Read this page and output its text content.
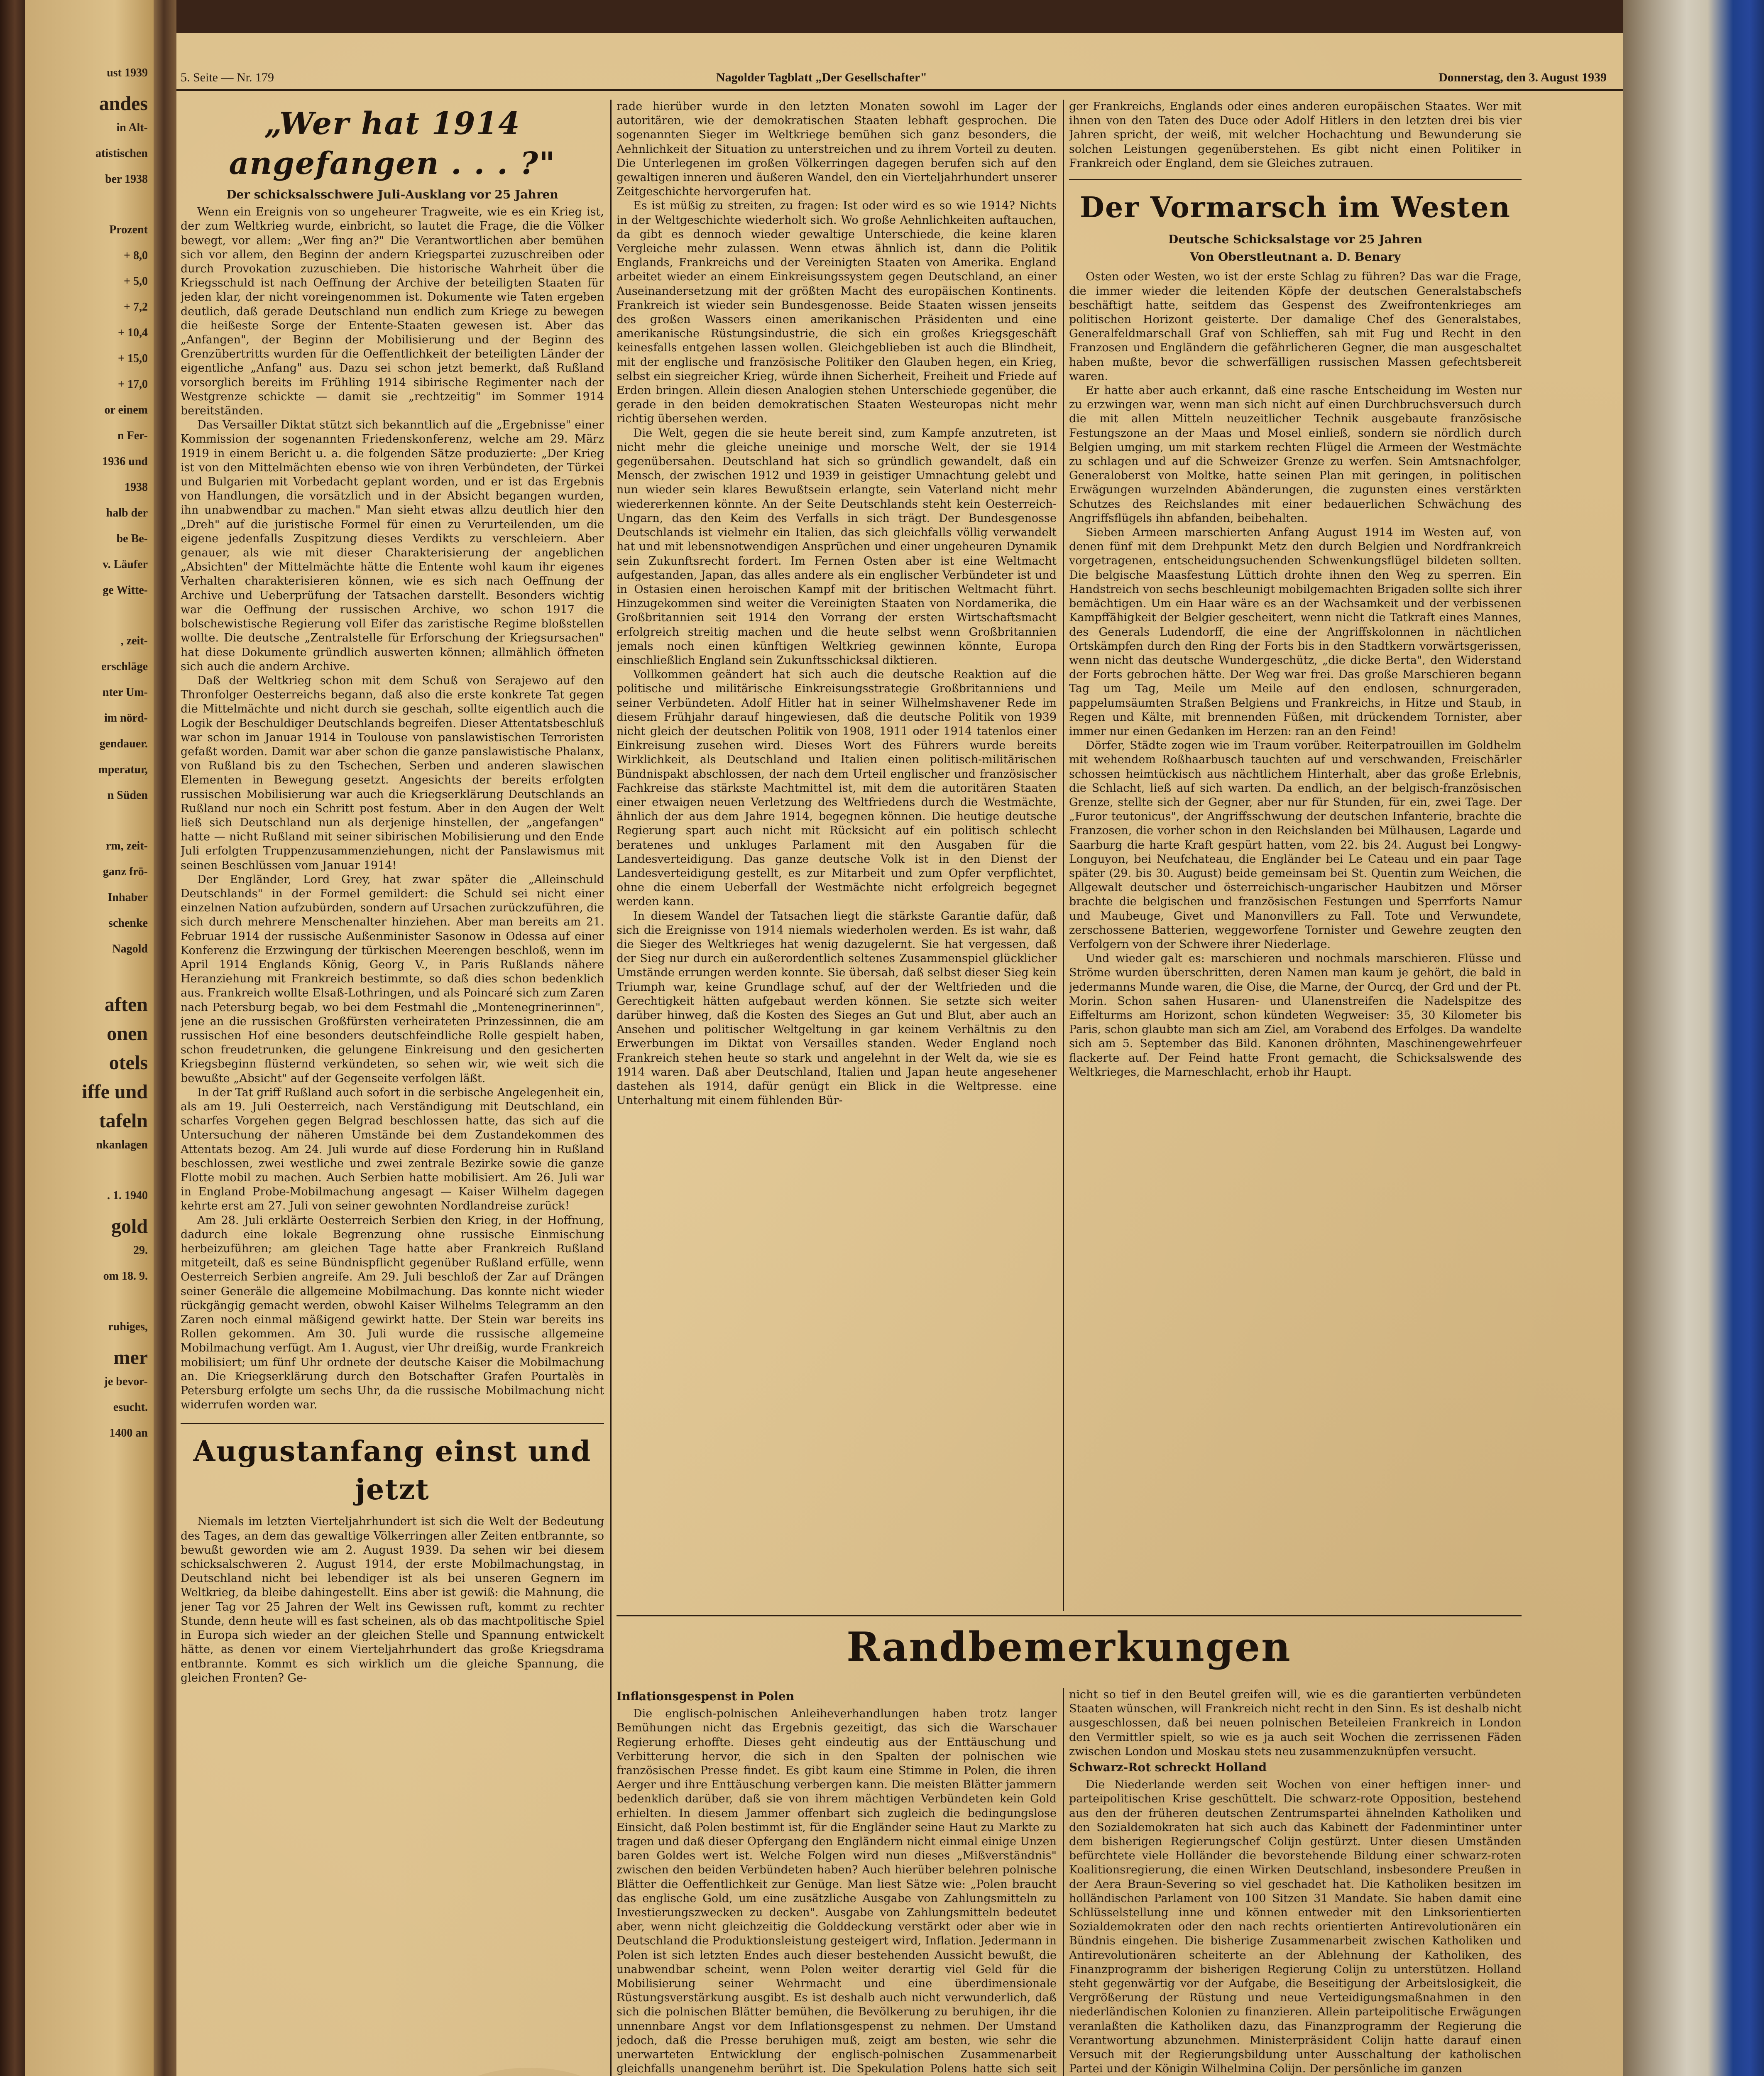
ust 1939
andes
in Alt-
atistischen
ber 1938
Prozent
+ 8,0
+ 5,0
+ 7,2
+ 10,4
+ 15,0
+ 17,0
or einem
n Fer-
1936 und
1938
halb der
be Be-
v. Läufer
ge Witte-
, zeit-
erschläge
nter Um-
im nörd-
gendauer.
mperatur,
n Süden
rm, zeit-
ganz frö-
Inhaber
schenke
Nagold
aften
onen
otels
iffe und
tafeln
nkanlagen
. 1. 1940
gold
29.
om 18. 9.
ruhiges,
mer
je bevor-
esucht.
1400 an
5. Seite — Nr. 179	Nagolder Tagblatt „Der Gesellschafter"	Donnerstag, den 3. August 1939
„Wer hat 1914 angefangen . . . ?"
Der schicksalsschwere Juli-Ausklang vor 25 Jahren

Wenn ein Ereignis von so ungeheurer Tragweite, wie es ein Krieg ist, der zum Weltkrieg wurde, einbricht, so lautet die Frage, die die Völker bewegt, vor allem: „Wer fing an?" Die Verantwortlichen aber bemühen sich vor allem, den Beginn der andern Kriegspartei zuzuschreiben oder durch Provokation zuzuschieben. Die historische Wahrheit über die Kriegsschuld ist nach Oeffnung der Archive der beteiligten Staaten für jeden klar, der nicht voreingenommen ist. Dokumente wie Taten ergeben deutlich, daß gerade Deutschland nun endlich zum Kriege zu bewegen die heißeste Sorge der Entente-Staaten gewesen ist. Aber das „Anfangen", der Beginn der Mobilisierung und der Beginn des Grenzübertritts wurden für die Oeffentlichkeit der beteiligten Länder der eigentliche „Anfang" aus. Dazu sei schon jetzt bemerkt, daß Rußland vorsorglich bereits im Frühling 1914 sibirische Regimenter nach der Westgrenze schickte — damit sie „rechtzeitig" im Sommer 1914 bereitständen.

Das Versailler Diktat stützt sich bekanntlich auf die „Ergebnisse" einer Kommission der sogenannten Friedenskonferenz, welche am 29. März 1919 in einem Bericht u. a. die folgenden Sätze produzierte: „Der Krieg ist von den Mittelmächten ebenso wie von ihren Verbündeten, der Türkei und Bulgarien mit Vorbedacht geplant worden, und er ist das Ergebnis von Handlungen, die vorsätzlich und in der Absicht begangen wurden, ihn unabwendbar zu machen." Man sieht etwas allzu deutlich hier den „Dreh" auf die juristische Formel für einen zu Verurteilenden, um die eigene jedenfalls Zuspitzung dieses Verdikts zu verschleiern. Aber genauer, als wie mit dieser Charakterisierung der angeblichen „Absichten" der Mittelmächte hätte die Entente wohl kaum ihr eigenes Verhalten charakterisieren können, wie es sich nach Oeffnung der Archive und Ueberprüfung der Tatsachen darstellt. Besonders wichtig war die Oeffnung der russischen Archive, wo schon 1917 die bolschewistische Regierung voll Eifer das zaristische Regime bloßstellen wollte. Die deutsche „Zentralstelle für Erforschung der Kriegsursachen" hat diese Dokumente gründlich auswerten können; allmählich öffneten sich auch die andern Archive.

Daß der Weltkrieg schon mit dem Schuß von Serajewo auf den Thronfolger Oesterreichs begann, daß also die erste konkrete Tat gegen die Mittelmächte und nicht durch sie geschah, sollte eigentlich auch die Logik der Beschuldiger Deutschlands begreifen. Dieser Attentatsbeschluß war schon im Januar 1914 in Toulouse von panslawistischen Terroristen gefaßt worden. Damit war aber schon die ganze panslawistische Phalanx, von Rußland bis zu den Tschechen, Serben und anderen slawischen Elementen in Bewegung gesetzt. Angesichts der bereits erfolgten russischen Mobilisierung war auch die Kriegserklärung Deutschlands an Rußland nur noch ein Schritt post festum. Aber in den Augen der Welt ließ sich Deutschland nun als derjenige hinstellen, der „angefangen" hatte — nicht Rußland mit seiner sibirischen Mobilisierung und den Ende Juli erfolgten Truppenzusammenziehungen, nicht der Panslawismus mit seinen Beschlüssen vom Januar 1914!

Der Engländer, Lord Grey, hat zwar später die „Alleinschuld Deutschlands" in der Formel gemildert: die Schuld sei nicht einer einzelnen Nation aufzubürden, sondern auf Ursachen zurückzuführen, die sich durch mehrere Menschenalter hinziehen. Aber man bereits am 21. Februar 1914 der russische Außenminister Sasonow in Odessa auf einer Konferenz die Erzwingung der türkischen Meerengen beschloß, wenn im April 1914 Englands König, Georg V., in Paris Rußlands nähere Heranziehung mit Frankreich bestimmte, so daß dies schon bedenklich aus. Frankreich wollte Elsaß-Lothringen, und als Poincaré sich zum Zaren nach Petersburg begab, wo bei dem Festmahl die „Montenegrinerinnen", jene an die russischen Großfürsten verheirateten Prinzessinnen, die am russischen Hof eine besonders deutschfeindliche Rolle gespielt haben, schon freudetrunken, die gelungene Einkreisung und den gesicherten Kriegsbeginn flüsternd verkündeten, so sehen wir, wie weit sich die bewußte „Absicht" auf der Gegenseite verfolgen läßt.

In der Tat griff Rußland auch sofort in die serbische Angelegenheit ein, als am 19. Juli Oesterreich, nach Verständigung mit Deutschland, ein scharfes Vorgehen gegen Belgrad beschlossen hatte, das sich auf die Untersuchung der näheren Umstände bei dem Zustandekommen des Attentats bezog. Am 24. Juli wurde auf diese Forderung hin in Rußland beschlossen, zwei westliche und zwei zentrale Bezirke sowie die ganze Flotte mobil zu machen. Auch Serbien hatte mobilisiert. Am 26. Juli war in England Probe-Mobilmachung angesagt — Kaiser Wilhelm dagegen kehrte erst am 27. Juli von seiner gewohnten Nordlandreise zurück!

Am 28. Juli erklärte Oesterreich Serbien den Krieg, in der Hoffnung, dadurch eine lokale Begrenzung ohne russische Einmischung herbeizuführen; am gleichen Tage hatte aber Frankreich Rußland mitgeteilt, daß es seine Bündnispflicht gegenüber Rußland erfülle, wenn Oesterreich Serbien angreife. Am 29. Juli beschloß der Zar auf Drängen seiner Generäle die allgemeine Mobilmachung. Das konnte nicht wieder rückgängig gemacht werden, obwohl Kaiser Wilhelms Telegramm an den Zaren noch einmal mäßigend gewirkt hatte. Der Stein war bereits ins Rollen gekommen. Am 30. Juli wurde die russische allgemeine Mobilmachung verfügt. Am 1. August, vier Uhr dreißig, wurde Frankreich mobilisiert; um fünf Uhr ordnete der deutsche Kaiser die Mobilmachung an. Die Kriegserklärung durch den Botschafter Grafen Pourtalès in Petersburg erfolgte um sechs Uhr, da die russische Mobilmachung nicht widerrufen worden war.

Augustanfang einst und jetzt

Niemals im letzten Vierteljahrhundert ist sich die Welt der Bedeutung des Tages, an dem das gewaltige Völkerringen aller Zeiten entbrannte, so bewußt geworden wie am 2. August 1939. Da sehen wir bei diesem schicksalschweren 2. August 1914, der erste Mobilmachungstag, in Deutschland nicht bei lebendiger ist als bei unseren Gegnern im Weltkrieg, da bleibe dahingestellt. Eins aber ist gewiß: die Mahnung, die jener Tag vor 25 Jahren der Welt ins Gewissen ruft, kommt zu rechter Stunde, denn heute will es fast scheinen, als ob das machtpolitische Spiel in Europa sich wieder an der gleichen Stelle und Spannung entwickelt hätte, as denen vor einem Vierteljahrhundert das große Kriegsdrama entbrannte. Kommt es sich wirklich um die gleiche Spannung, die gleichen Fronten? Ge-

rade hierüber wurde in den letzten Monaten sowohl im Lager der autoritären, wie der demokratischen Staaten lebhaft gesprochen. Die sogenannten Sieger im Weltkriege bemühen sich ganz besonders, die Aehnlichkeit der Situation zu unterstreichen und zu ihrem Vorteil zu deuten. Die Unterlegenen im großen Völkerringen dagegen berufen sich auf den gewaltigen inneren und äußeren Wandel, den ein Vierteljahrhundert unserer Zeitgeschichte hervorgerufen hat.

Es ist müßig zu streiten, zu fragen: Ist oder wird es so wie 1914? Nichts in der Weltgeschichte wiederholt sich. Wo große Aehnlichkeiten auftauchen, da gibt es dennoch wieder gewaltige Unterschiede, die keine klaren Vergleiche mehr zulassen. Wenn etwas ähnlich ist, dann die Politik Englands, Frankreichs und der Vereinigten Staaten von Amerika. England arbeitet wieder an einem Einkreisungssystem gegen Deutschland, an einer Auseinandersetzung mit der größten Macht des europäischen Kontinents. Frankreich ist wieder sein Bundesgenosse. Beide Staaten wissen jenseits des großen Wassers einen amerikanischen Präsidenten und eine amerikanische Rüstungsindustrie, die sich ein großes Kriegsgeschäft keinesfalls entgehen lassen wollen. Gleichgeblieben ist auch die Blindheit, mit der englische und französische Politiker den Glauben hegen, ein Krieg, selbst ein siegreicher Krieg, würde ihnen Sicherheit, Freiheit und Friede auf Erden bringen. Allein diesen Analogien stehen Unterschiede gegenüber, die gerade in den beiden demokratischen Staaten Westeuropas nicht mehr richtig übersehen werden.

Die Welt, gegen die sie heute bereit sind, zum Kampfe anzutreten, ist nicht mehr die gleiche uneinige und morsche Welt, der sie 1914 gegenübersahen. Deutschland hat sich so gründlich gewandelt, daß ein Mensch, der zwischen 1912 und 1939 in geistiger Umnachtung gelebt und nun wieder sein klares Bewußtsein erlangte, sein Vaterland nicht mehr wiedererkennen könnte. An der Seite Deutschlands steht kein Oesterreich-Ungarn, das den Keim des Verfalls in sich trägt. Der Bundesgenosse Deutschlands ist vielmehr ein Italien, das sich gleichfalls völlig verwandelt hat und mit lebensnotwendigen Ansprüchen und einer ungeheuren Dynamik sein Zukunftsrecht fordert. Im Fernen Osten aber ist eine Weltmacht aufgestanden, Japan, das alles andere als ein englischer Verbündeter ist und in Ostasien einen heroischen Kampf mit der britischen Weltmacht führt. Hinzugekommen sind weiter die Vereinigten Staaten von Nordamerika, die Großbritannien seit 1914 den Vorrang der ersten Wirtschaftsmacht erfolgreich streitig machen und die heute selbst wenn Großbritannien jemals noch einen künftigen Weltkrieg gewinnen könnte, Europa einschließlich England sein Zukunftsschicksal diktieren.

Vollkommen geändert hat sich auch die deutsche Reaktion auf die politische und militärische Einkreisungsstrategie Großbritanniens und seiner Verbündeten. Adolf Hitler hat in seiner Wilhelmshavener Rede im diesem Frühjahr darauf hingewiesen, daß die deutsche Politik von 1939 nicht gleich der deutschen Politik von 1908, 1911 oder 1914 tatenlos einer Einkreisung zusehen wird. Dieses Wort des Führers wurde bereits Wirklichkeit, als Deutschland und Italien einen politisch-militärischen Bündnispakt abschlossen, der nach dem Urteil englischer und französischer Fachkreise das stärkste Machtmittel ist, mit dem die autoritären Staaten einer etwaigen neuen Verletzung des Weltfriedens durch die Westmächte, ähnlich der aus dem Jahre 1914, begegnen können. Die heutige deutsche Regierung spart auch nicht mit Rücksicht auf ein politisch schlecht beratenes und unkluges Parlament mit den Ausgaben für die Landesverteidigung. Das ganze deutsche Volk ist in den Dienst der Landesverteidigung gestellt, es zur Mitarbeit und zum Opfer verpflichtet, ohne die einem Ueberfall der Westmächte nicht erfolgreich begegnet werden kann.

In diesem Wandel der Tatsachen liegt die stärkste Garantie dafür, daß sich die Ereignisse von 1914 niemals wiederholen werden. Es ist wahr, daß die Sieger des Weltkrieges hat wenig dazugelernt. Sie hat vergessen, daß der Sieg nur durch ein außerordentlich seltenes Zusammenspiel glücklicher Umstände errungen werden konnte. Sie übersah, daß selbst dieser Sieg kein Triumph war, keine Grundlage schuf, auf der der Weltfrieden und die Gerechtigkeit hätten aufgebaut werden können. Sie setzte sich weiter darüber hinweg, daß die Kosten des Sieges an Gut und Blut, aber auch an Ansehen und politischer Weltgeltung in gar keinem Verhältnis zu den Erwerbungen im Diktat von Versailles standen. Weder England noch Frankreich stehen heute so stark und angelehnt in der Welt da, wie sie es 1914 waren. Daß aber Deutschland, Italien und Japan heute angesehener dastehen als 1914, dafür genügt ein Blick in die Weltpresse. eine Unterhaltung mit einem fühlenden Bür-

ger Frankreichs, Englands oder eines anderen europäischen Staates. Wer mit ihnen von den Taten des Duce oder Adolf Hitlers in den letzten drei bis vier Jahren spricht, der weiß, mit welcher Hochachtung und Bewunderung sie solchen Leistungen gegenüberstehen. Es gibt nicht einen Politiker in Frankreich oder England, dem sie Gleiches zutrauen.

Der Vormarsch im Westen
Deutsche Schicksalstage vor 25 Jahren
Von Oberstleutnant a. D. Benary

Osten oder Westen, wo ist der erste Schlag zu führen? Das war die Frage, die immer wieder die leitenden Köpfe der deutschen Generalstabschefs beschäftigt hatte, seitdem das Gespenst des Zweifrontenkrieges am politischen Horizont geisterte. Der damalige Chef des Generalstabes, Generalfeldmarschall Graf von Schlieffen, sah mit Fug und Recht in den Franzosen und Engländern die gefährlicheren Gegner, die man ausgeschaltet haben mußte, bevor die schwerfälligen russischen Massen gefechtsbereit waren.

Er hatte aber auch erkannt, daß eine rasche Entscheidung im Westen nur zu erzwingen war, wenn man sich nicht auf einen Durchbruchsversuch durch die mit allen Mitteln neuzeitlicher Technik ausgebaute französische Festungszone an der Maas und Mosel einließ, sondern sie nördlich durch Belgien umging, um mit starkem rechten Flügel die Armeen der Westmächte zu schlagen und auf die Schweizer Grenze zu werfen. Sein Amtsnachfolger, Generaloberst von Moltke, hatte seinen Plan mit geringen, in politischen Erwägungen wurzelnden Abänderungen, die zugunsten eines verstärkten Schutzes des Reichslandes mit einer bedauerlichen Schwächung des Angriffsflügels ihn abfanden, beibehalten.

Sieben Armeen marschierten Anfang August 1914 im Westen auf, von denen fünf mit dem Drehpunkt Metz den durch Belgien und Nordfrankreich vorgetragenen, entscheidungsuchenden Schwenkungsflügel bildeten sollten. Die belgische Maasfestung Lüttich drohte ihnen den Weg zu sperren. Ein Handstreich von sechs beschleunigt mobilgemachten Brigaden sollte sich ihrer bemächtigen. Um ein Haar wäre es an der Wachsamkeit und der verbissenen Kampffähigkeit der Belgier gescheitert, wenn nicht die Tatkraft eines Mannes, des Generals Ludendorff, die eine der Angriffskolonnen in nächtlichen Ortskämpfen durch den Ring der Forts bis in den Stadtkern vorwärtsgerissen, wenn nicht das deutsche Wundergeschütz, „die dicke Berta", den Widerstand der Forts gebrochen hätte. Der Weg war frei. Das große Marschieren begann Tag um Tag, Meile um Meile auf den endlosen, schnurgeraden, pappelumsäumten Straßen Belgiens und Frankreichs, in Hitze und Staub, in Regen und Kälte, mit brennenden Füßen, mit drückendem Tornister, aber immer nur einen Gedanken im Herzen: ran an den Feind!

Dörfer, Städte zogen wie im Traum vorüber. Reiterpatrouillen im Goldhelm mit wehendem Roßhaarbusch tauchten auf und verschwanden, Freischärler schossen heimtückisch aus nächtlichem Hinterhalt, aber das große Erlebnis, die Schlacht, ließ auf sich warten. Da endlich, an der belgisch-französischen Grenze, stellte sich der Gegner, aber nur für Stunden, für ein, zwei Tage. Der „Furor teutonicus", der Angriffsschwung der deutschen Infanterie, brachte die Franzosen, die vorher schon in den Reichslanden bei Mülhausen, Lagarde und Saarburg die harte Kraft gespürt hatten, vom 22. bis 24. August bei Longwy-Longuyon, bei Neufchateau, die Engländer bei Le Cateau und ein paar Tage später (29. bis 30. August) beide gemeinsam bei St. Quentin zum Weichen, die Allgewalt deutscher und österreichisch-ungarischer Haubitzen und Mörser brachte die belgischen und französischen Festungen und Sperrforts Namur und Maubeuge, Givet und Manonvillers zu Fall. Tote und Verwundete, zerschossene Batterien, weggeworfene Tornister und Gewehre zeugten den Verfolgern von der Schwere ihrer Niederlage.

Und wieder galt es: marschieren und nochmals marschieren. Flüsse und Ströme wurden überschritten, deren Namen man kaum je gehört, die bald in jedermanns Munde waren, die Oise, die Marne, der Ourcq, der Grd und der Pt. Morin. Schon sahen Husaren- und Ulanenstreifen die Nadelspitze des Eiffelturms am Horizont, schon kündeten Wegweiser: 35, 30 Kilometer bis Paris, schon glaubte man sich am Ziel, am Vorabend des Erfolges. Da wandelte sich am 5. September das Bild. Kanonen dröhnten, Maschinengewehrfeuer flackerte auf. Der Feind hatte Front gemacht, die Schicksalswende des Weltkrieges, die Marneschlacht, erhob ihr Haupt.

Randbemerkungen
Inflationsgespenst in Polen

Die englisch-polnischen Anleiheverhandlungen haben trotz langer Bemühungen nicht das Ergebnis gezeitigt, das sich die Warschauer Regierung erhoffte. Dieses geht eindeutig aus der Enttäuschung und Verbitterung hervor, die sich in den Spalten der polnischen wie französischen Presse findet. Es gibt kaum eine Stimme in Polen, die ihren Aerger und ihre Enttäuschung verbergen kann. Die meisten Blätter jammern bedenklich darüber, daß sie von ihrem mächtigen Verbündeten kein Gold erhielten. In diesem Jammer offenbart sich zugleich die bedingungslose Einsicht, daß Polen bestimmt ist, für die Engländer seine Haut zu Markte zu tragen und daß dieser Opfergang den Engländern nicht einmal einige Unzen baren Goldes wert ist. Welche Folgen wird nun dieses „Mißverständnis" zwischen den beiden Verbündeten haben? Auch hierüber belehren polnische Blätter die Oeffentlichkeit zur Genüge. Man liest Sätze wie: „Polen braucht das englische Gold, um eine zusätzliche Ausgabe von Zahlungsmitteln zu Investierungszwecken zu decken". Ausgabe von Zahlungsmitteln bedeutet aber, wenn nicht gleichzeitig die Golddeckung verstärkt oder aber wie in Deutschland die Produktionsleistung gesteigert wird, Inflation. Jedermann in Polen ist sich letzten Endes auch dieser bestehenden Aussicht bewußt, die unabwendbar scheint, wenn Polen weiter derartig viel Geld für die Mobilisierung seiner Wehrmacht und eine überdimensionale Rüstungsverstärkung ausgibt. Es ist deshalb auch nicht verwunderlich, daß sich die polnischen Blätter bemühen, die Bevölkerung zu beruhigen, ihr die unnennbare Angst vor dem Inflationsgespenst zu nehmen. Der Umstand jedoch, daß die Presse beruhigen muß, zeigt am besten, wie sehr die unerwarteten Entwicklung der englisch-polnischen Zusammenarbeit gleichfalls unangenehm berührt ist. Die Spekulation Polens hatte sich seit

nicht so tief in den Beutel greifen will, wie es die garantierten verbündeten Staaten wünschen, will Frankreich nicht recht in den Sinn. Es ist deshalb nicht ausgeschlossen, daß bei neuen polnischen Beteileien Frankreich in London den Vermittler spielt, so wie es ja auch seit Wochen die zerrissenen Fäden zwischen London und Moskau stets neu zusammenzuknüpfen versucht.

Schwarz-Rot schreckt Holland

Die Niederlande werden seit Wochen von einer heftigen inner- und parteipolitischen Krise geschüttelt. Die schwarz-rote Opposition, bestehend aus den der früheren deutschen Zentrumspartei ähnelnden Katholiken und den Sozialdemokraten hat sich auch das Kabinett der Fadenmintiner unter dem bisherigen Regierungschef Colijn gestürzt. Unter diesen Umständen befürchtete viele Holländer die bevorstehende Bildung einer schwarz-roten Koalitionsregierung, die einen Wirken Deutschland, insbesondere Preußen in der Aera Braun-Severing so viel geschadet hat. Die Katholiken besitzen im holländischen Parlament von 100 Sitzen 31 Mandate. Sie haben damit eine Schlüsselstellung inne und können entweder mit den Linksorientierten Sozialdemokraten oder den nach rechts orientierten Antirevolutionären ein Bündnis eingehen. Die bisherige Zusammenarbeit zwischen Katholiken und Antirevolutionären scheiterte an der Ablehnung der Katholiken, des Finanzprogramm der bisherigen Regierung Colijn zu unterstützen. Holland steht gegenwärtig vor der Aufgabe, die Beseitigung der Arbeitslosigkeit, die Vergrößerung der Rüstung und neue Verteidigungsmaßnahmen in den niederländischen Kolonien zu finanzieren. Allein parteipolitische Erwägungen veranlaßten die Katholiken dazu, das Finanzprogramm der Regierung die Verantwortung abzunehmen. Ministerpräsident Colijn hatte darauf einen Versuch mit der Regierungsbildung unter Ausschaltung der katholischen Partei und der Königin Wilhelmina Colijn. Der persönliche im ganzen
